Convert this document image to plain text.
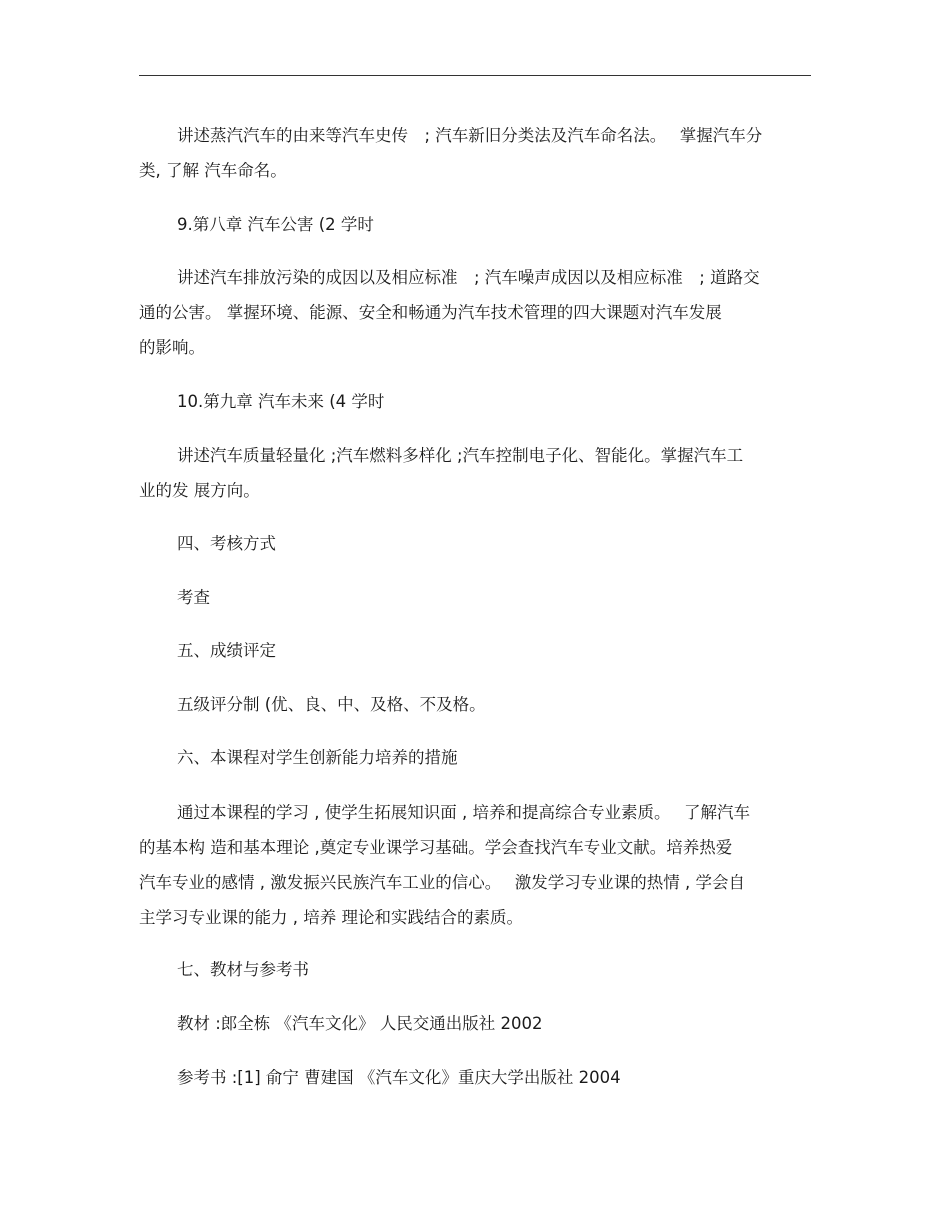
讲述蒸汽汽车的由来等汽车史传　; 汽车新旧分类法及汽车命名法。　 掌握汽车分
类, 了解 汽车命名。
9.第八章 汽车公害 (2 学时
讲述汽车排放污染的成因以及相应标准　; 汽车噪声成因以及相应标准　; 道路交
通的公害。 掌握环境、能源、安全和畅通为汽车技术管理的四大课题对汽车发展
的影响。
10.第九章 汽车未来 (4 学时
讲述汽车质量轻量化 ;汽车燃料多样化 ;汽车控制电子化、智能化。掌握汽车工
业的发 展方向。
四、考核方式
考查
五、成绩评定
五级评分制 (优、良、中、及格、不及格。
六、本课程对学生创新能力培养的措施
通过本课程的学习 , 使学生拓展知识面 , 培养和提高综合专业素质。　 了解汽车
的基本构 造和基本理论 ,奠定专业课学习基础。学会查找汽车专业文献。培养热爱
汽车专业的感情 , 激发振兴民族汽车工业的信心。　 激发学习专业课的热情 , 学会自
主学习专业课的能力 , 培养 理论和实践结合的素质。
七、教材与参考书
教材 :郎全栋 《汽车文化》 人民交通出版社 2002
参考书 :[1] 俞宁 曹建国 《汽车文化》重庆大学出版社 2004
